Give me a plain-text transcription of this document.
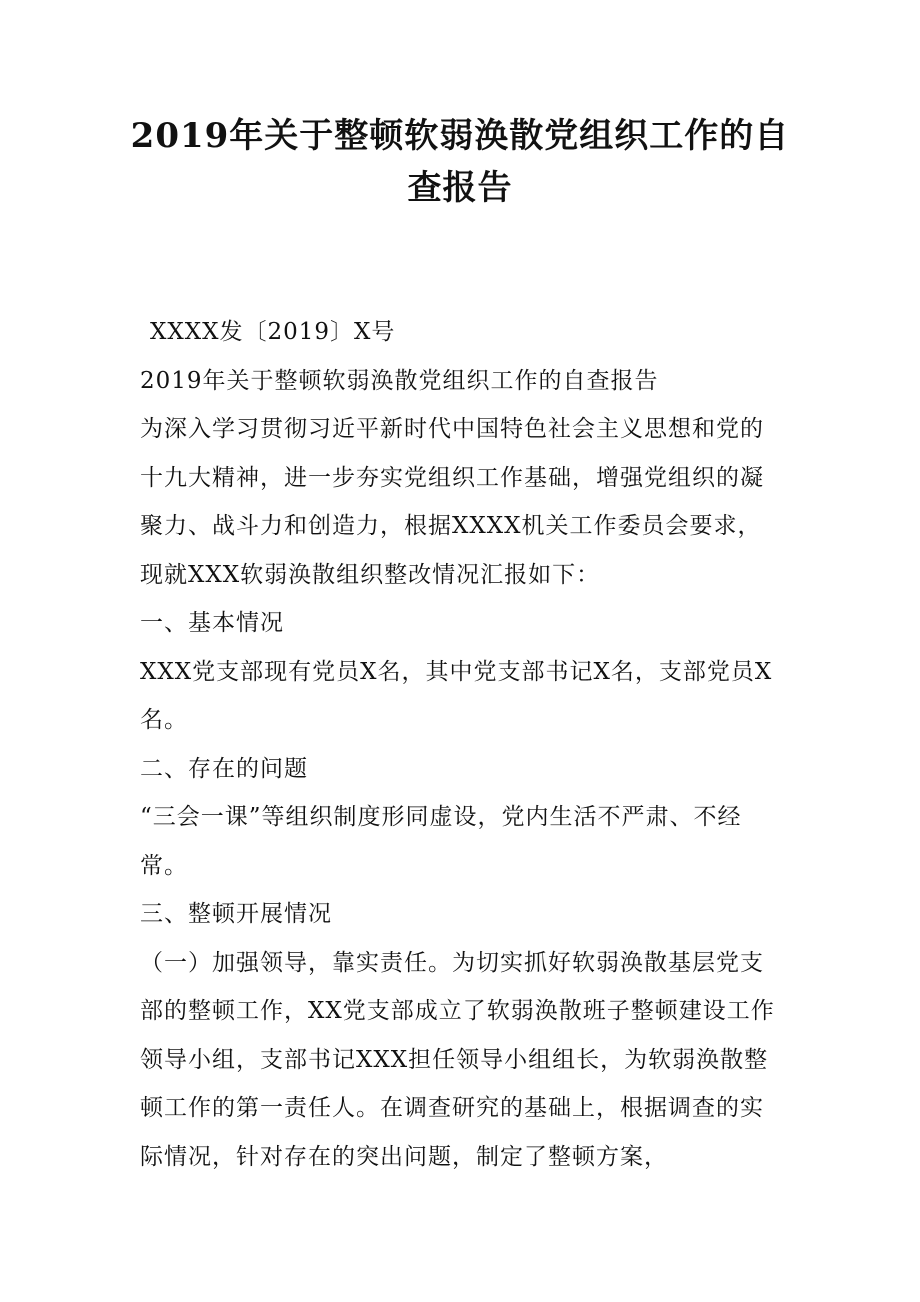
2019年关于整顿软弱涣散党组织工作的自
查报告

XXXX发〔2019〕X号

2019年关于整顿软弱涣散党组织工作的自查报告

为深入学习贯彻习近平新时代中国特色社会主义思想和党的十九大精神，进一步夯实党组织工作基础，增强党组织的凝聚力、战斗力和创造力，根据XXXX机关工作委员会要求，现就XXX软弱涣散组织整改情况汇报如下：

一、基本情况

XXX党支部现有党员X名，其中党支部书记X名，支部党员X名。

二、存在的问题

“三会一课”等组织制度形同虚设，党内生活不严肃、不经常。

三、整顿开展情况

（一）加强领导，靠实责任。为切实抓好软弱涣散基层党支部的整顿工作，XX党支部成立了软弱涣散班子整顿建设工作领导小组，支部书记XXX担任领导小组组长，为软弱涣散整顿工作的第一责任人。在调查研究的基础上，根据调查的实际情况，针对存在的突出问题，制定了整顿方案，
